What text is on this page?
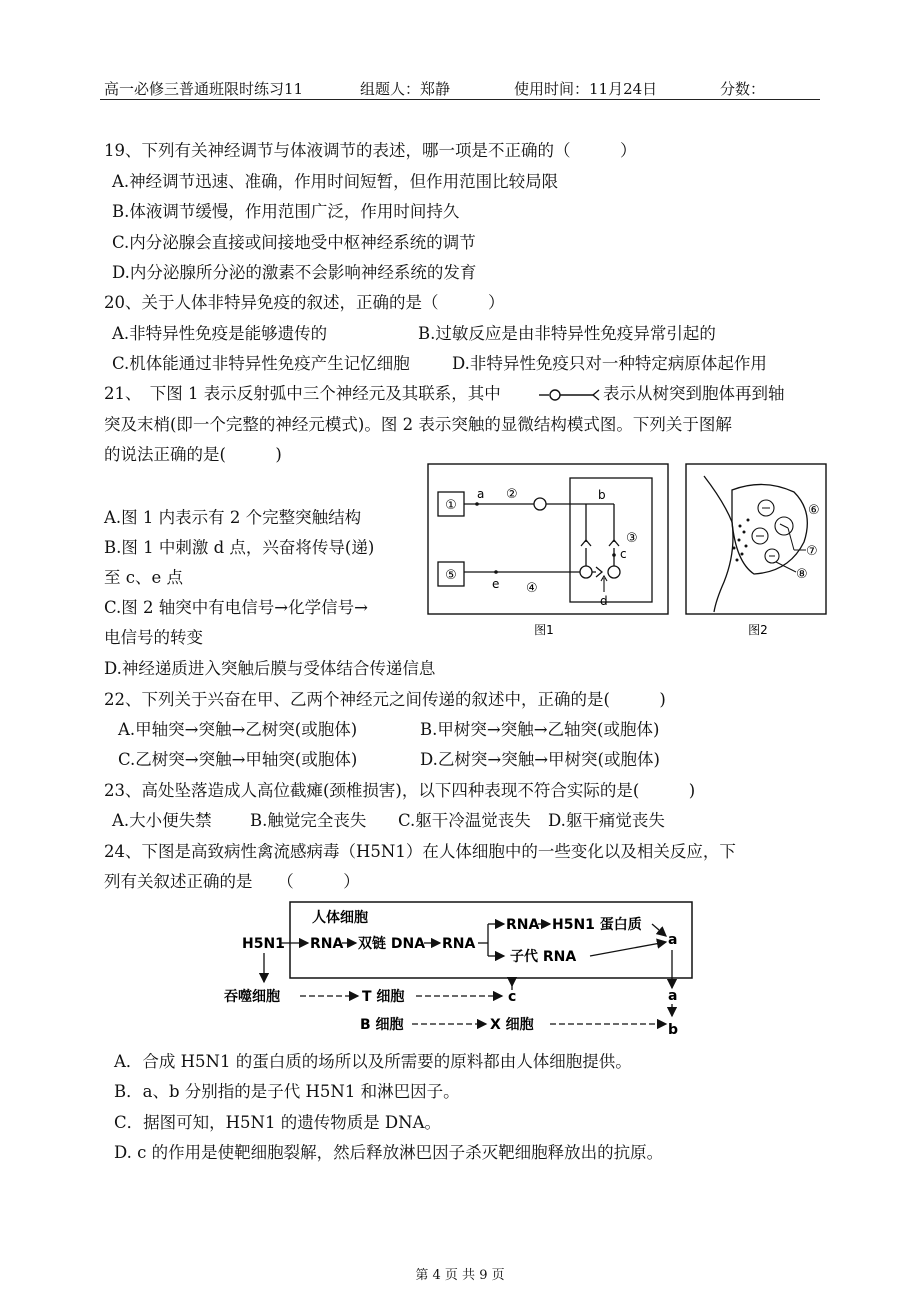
高一必修三普通班限时练习11	组题人：郑静	使用时间：11月24日	分数：
19、下列有关神经调节与体液调节的表述，哪一项是不正确的（　　　）
A.神经调节迅速、准确，作用时间短暂，但作用范围比较局限
B.体液调节缓慢，作用范围广泛，作用时间持久
C.内分泌腺会直接或间接地受中枢神经系统的调节
D.内分泌腺所分泌的激素不会影响神经系统的发育
20、关于人体非特异免疫的叙述，正确的是（　　　）
A.非特异性免疫是能够遗传的	B.过敏反应是由非特异性免疫异常引起的
C.机体能通过非特异性免疫产生记忆细胞	D.非特异性免疫只对一种特定病原体起作用
21、　下图 1 表示反射弧中三个神经元及其联系，其中	表示从树突到胞体再到轴
突及末梢(即一个完整的神经元模式)。图 2 表示突触的显微结构模式图。下列关于图解
的说法正确的是(　　　)
A.图 1 内表示有 2 个完整突触结构
B.图 1 中刺激 d 点，兴奋将传导(递)
至 c、e 点
C.图 2 轴突中有电信号→化学信号→
电信号的转变
D.神经递质进入突触后膜与受体结合传递信息
①
a ②	b
③
c
⑤
e ④
d
图1
⑥
⑦
⑧
图2
22、下列关于兴奋在甲、乙两个神经元之间传递的叙述中，正确的是(　　　)
A.甲轴突→突触→乙树突(或胞体)	B.甲树突→突触→乙轴突(或胞体)
C.乙树突→突触→甲轴突(或胞体)	D.乙树突→突触→甲树突(或胞体)
23、高处坠落造成人高位截瘫(颈椎损害)，以下四种表现不符合实际的是(　　　)
A.大小便失禁 B.触觉完全丧失 C.躯干冷温觉丧失 D.躯干痛觉丧失
24、下图是高致病性禽流感病毒（H5N1）在人体细胞中的一些变化以及相关反应，下
列有关叙述正确的是　　（　　　）
人体细胞
H5N1 RNA 双链 DNA RNA
RNA H5N1 蛋白质
子代 RNA
a
吞噬细胞	T 细胞	c
B 细胞	X 细胞
a
b
A．合成 H5N1 的蛋白质的场所以及所需要的原料都由人体细胞提供。
B．a、b 分别指的是子代 H5N1 和淋巴因子。
C．据图可知，H5N1 的遗传物质是 DNA。
D. c 的作用是使靶细胞裂解，然后释放淋巴因子杀灭靶细胞释放出的抗原。
第 4 页 共 9 页
